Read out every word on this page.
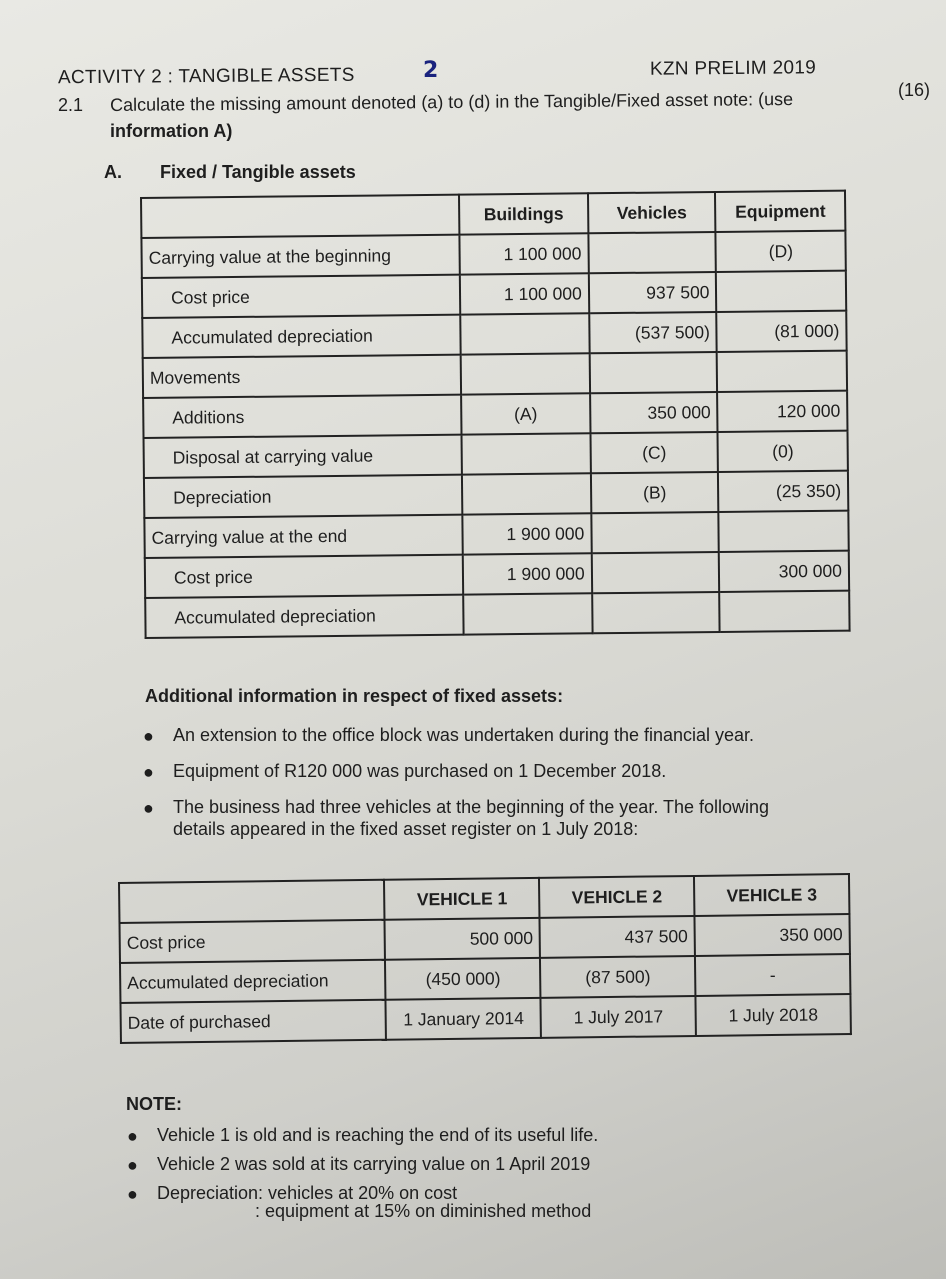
ACTIVITY 2 : TANGIBLE ASSETS	2	KZN PRELIM 2019
2.1 Calculate the missing amount denoted (a) to (d) in the Tangible/Fixed asset note: (use	(16)
information A)
A. Fixed / Tangible assets
	Buildings	Vehicles	Equipment
Carrying value at the beginning	1 100 000		(D)
Cost price	1 100 000	937 500	
Accumulated depreciation		(537 500)	(81 000)
Movements			
Additions	(A)	350 000	120 000
Disposal at carrying value		(C)	(0)
Depreciation		(B)	(25 350)
Carrying value at the end	1 900 000		
Cost price	1 900 000		300 000
Accumulated depreciation			
Additional information in respect of fixed assets:
● An extension to the office block was undertaken during the financial year.
● Equipment of R120 000 was purchased on 1 December 2018.
● The business had three vehicles at the beginning of the year. The following
details appeared in the fixed asset register on 1 July 2018:
	VEHICLE 1	VEHICLE 2	VEHICLE 3
Cost price	500 000	437 500	350 000
Accumulated depreciation	(450 000)	(87 500)	-
Date of purchased	1 January 2014	1 July 2017	1 July 2018
NOTE:
● Vehicle 1 is old and is reaching the end of its useful life.
● Vehicle 2 was sold at its carrying value on 1 April 2019
● Depreciation: vehicles at 20% on cost
: equipment at 15% on diminished method
